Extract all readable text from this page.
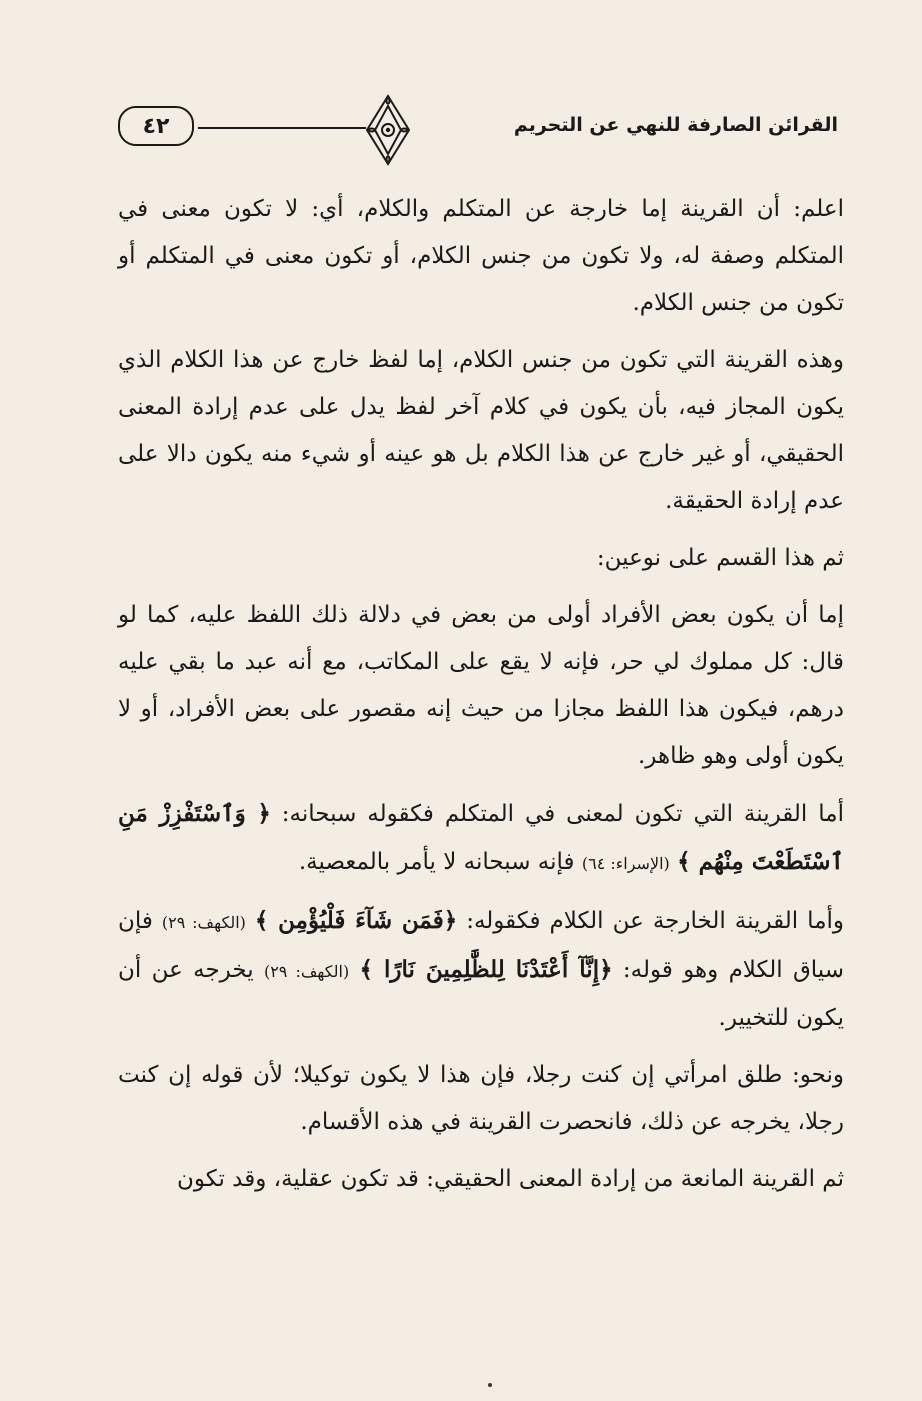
القرائن الصارفة للنهي عن التحريم
٤٢

اعلم: أن القرينة إما خارجة عن المتكلم والكلام، أي: لا تكون معنى في المتكلم وصفة له، ولا تكون من جنس الكلام، أو تكون معنى في المتكلم أو تكون من جنس الكلام.

وهذه القرينة التي تكون من جنس الكلام، إما لفظ خارج عن هذا الكلام الذي يكون المجاز فيه، بأن يكون في كلام آخر لفظ يدل على عدم إرادة المعنى الحقيقي، أو غير خارج عن هذا الكلام بل هو عينه أو شيء منه يكون دالا على عدم إرادة الحقيقة.

ثم هذا القسم على نوعين:

إما أن يكون بعض الأفراد أولى من بعض في دلالة ذلك اللفظ عليه، كما لو قال: كل مملوك لي حر، فإنه لا يقع على المكاتب، مع أنه عبد ما بقي عليه درهم، فيكون هذا اللفظ مجازا من حيث إنه مقصور على بعض الأفراد، أو لا يكون أولى وهو ظاهر.

أما القرينة التي تكون لمعنى في المتكلم فكقوله سبحانه: ﴿ وَٱسْتَفْزِزْ مَنِ ٱسْتَطَعْتَ مِنْهُم ﴾ (الإسراء: ٦٤) فإنه سبحانه لا يأمر بالمعصية.

وأما القرينة الخارجة عن الكلام فكقوله: ﴿فَمَن شَآءَ فَلْيُؤْمِن ﴾ (الكهف: ٢٩) فإن سياق الكلام وهو قوله: ﴿إِنَّآ أَعْتَدْنَا لِلظَّٰلِمِينَ نَارًا ﴾ (الكهف: ٢٩) يخرجه عن أن يكون للتخيير.

ونحو: طلق امرأتي إن كنت رجلا، فإن هذا لا يكون توكيلا؛ لأن قوله إن كنت رجلا، يخرجه عن ذلك، فانحصرت القرينة في هذه الأقسام.

ثم القرينة المانعة من إرادة المعنى الحقيقي: قد تكون عقلية، وقد تكون
